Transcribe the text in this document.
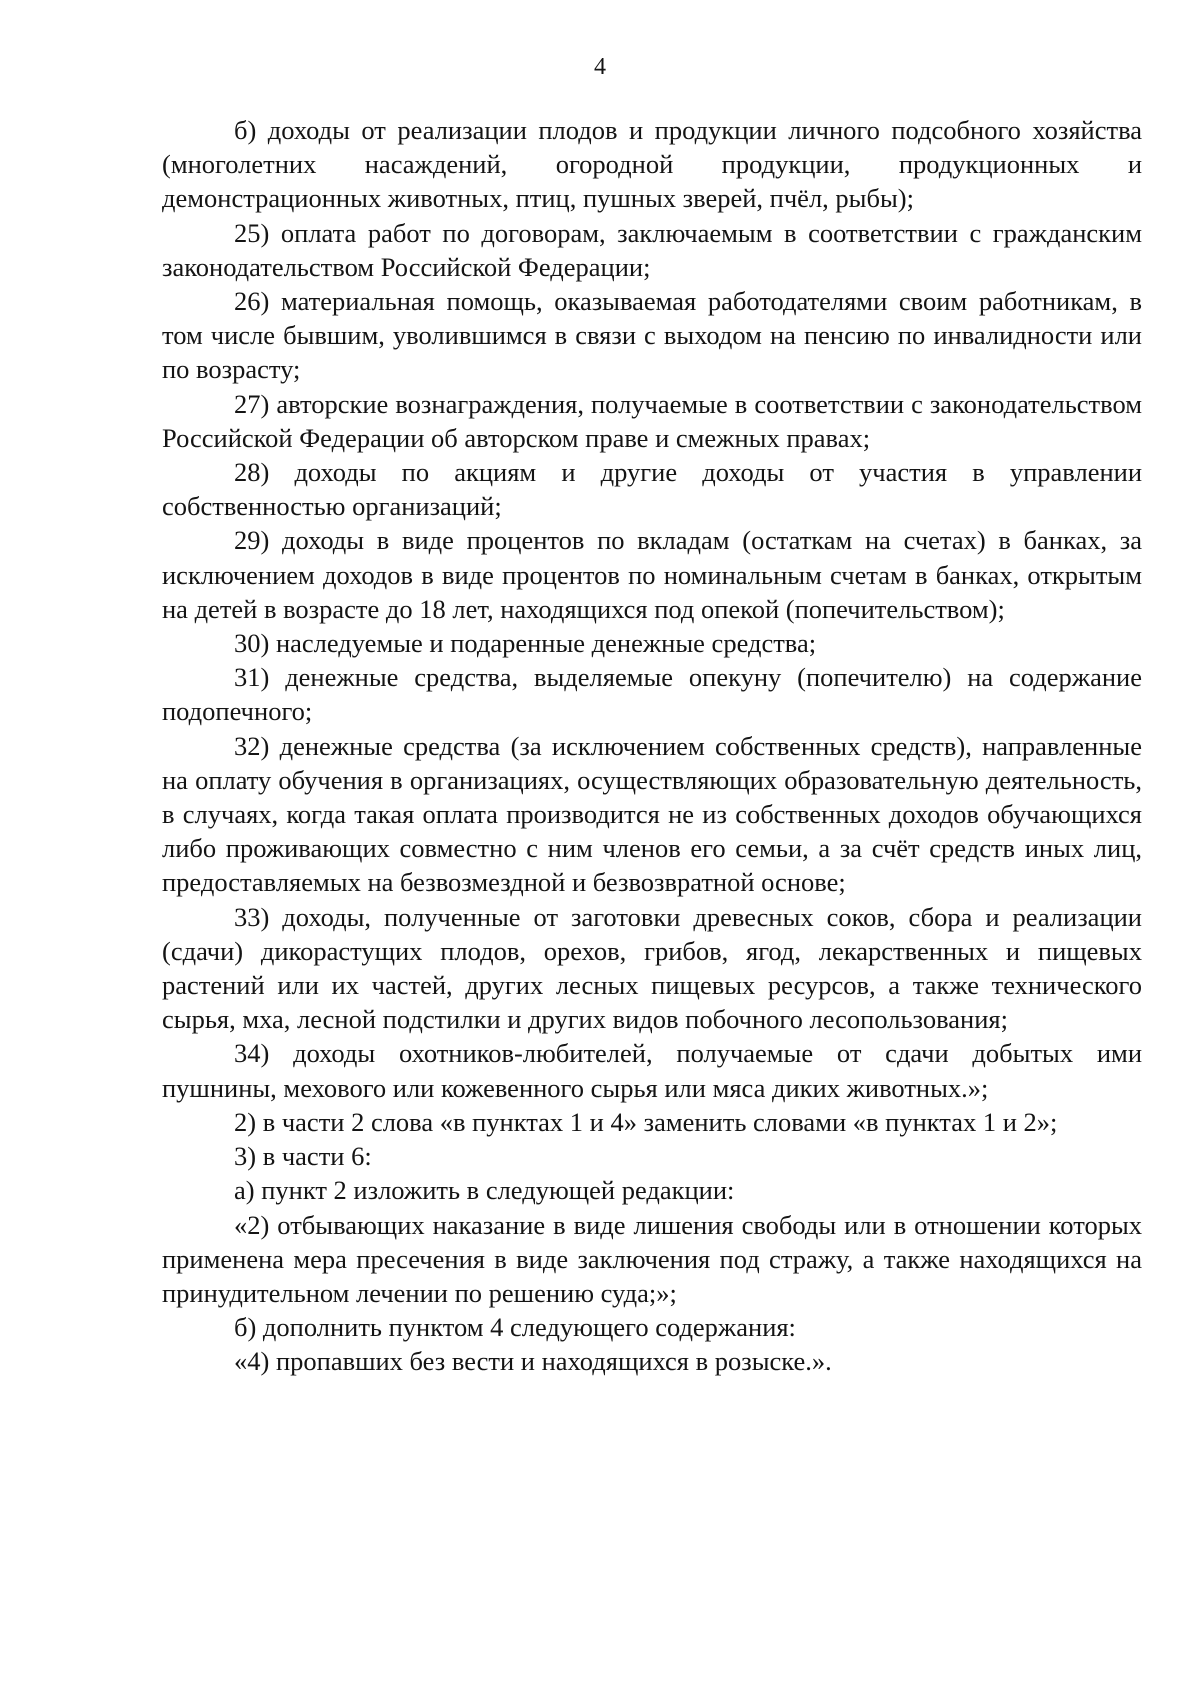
4

б) доходы от реализации плодов и продукции личного подсобного хозяйства (многолетних насаждений, огородной продукции, продукционных и демонстрационных животных, птиц, пушных зверей, пчёл, рыбы);

25) оплата работ по договорам, заключаемым в соответствии с гражданским законодательством Российской Федерации;

26) материальная помощь, оказываемая работодателями своим работникам, в том числе бывшим, уволившимся в связи с выходом на пенсию по инвалидности или по возрасту;

27) авторские вознаграждения, получаемые в соответствии с законодательством Российской Федерации об авторском праве и смежных правах;

28) доходы по акциям и другие доходы от участия в управлении собственностью организаций;

29) доходы в виде процентов по вкладам (остаткам на счетах) в банках, за исключением доходов в виде процентов по номинальным счетам в банках, открытым на детей в возрасте до 18 лет, находящихся под опекой (попечительством);

30) наследуемые и подаренные денежные средства;

31) денежные средства, выделяемые опекуну (попечителю) на содержание подопечного;

32) денежные средства (за исключением собственных средств), направленные на оплату обучения в организациях, осуществляющих образовательную деятельность, в случаях, когда такая оплата производится не из собственных доходов обучающихся либо проживающих совместно с ним членов его семьи, а за счёт средств иных лиц, предоставляемых на безвозмездной и безвозвратной основе;

33) доходы, полученные от заготовки древесных соков, сбора и реализации (сдачи) дикорастущих плодов, орехов, грибов, ягод, лекарственных и пищевых растений или их частей, других лесных пищевых ресурсов, а также технического сырья, мха, лесной подстилки и других видов побочного лесопользования;

34) доходы охотников-любителей, получаемые от сдачи добытых ими пушнины, мехового или кожевенного сырья или мяса диких животных.»;

2) в части 2 слова «в пунктах 1 и 4» заменить словами «в пунктах 1 и 2»;

3) в части 6:

а) пункт 2 изложить в следующей редакции:

«2) отбывающих наказание в виде лишения свободы или в отношении которых применена мера пресечения в виде заключения под стражу, а также находящихся на принудительном лечении по решению суда;»;

б) дополнить пунктом 4 следующего содержания:

«4) пропавших без вести и находящихся в розыске.».
